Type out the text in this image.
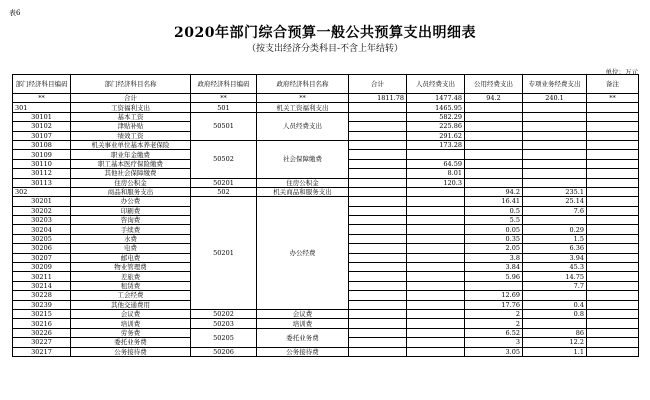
表6
2020年部门综合预算一般公共预算支出明细表
（按支出经济分类科目-不含上年结转）
单位：万元
部门经济科目编码	部门经济科目名称	政府经济科目编码	政府经济科目名称	合计	人员经费支出	公用经费支出	专项业务经费支出	备注
**	合计	**	**	1811.78	1477.48	94.2	240.1	**
301	工资福利支出	501	机关工资福利支出		1465.95			
30101	基本工资	50501	人员经费支出		582.29			
30102	津贴补贴				225.86			
30107	绩效工资				291.62			
30108	机关事业单位基本养老保险	50502	社会保障缴费		173.28			
30109	职业年金缴费							
30110	职工基本医疗保险缴费				64.59			
30112	其他社会保障缴费				8.01			
30113	住房公积金	50201	住房公积金		120.3			
302	商品和服务支出	502	机关商品和服务支出			94.2	235.1	
30201	办公费	50201	办公经费			16.41	25.14	
30202	印刷费					0.5	7.6	
30203	咨询费					5.5		
30204	手续费					0.05	0.29	
30205	水费					0.35	1.5	
30206	电费					2.05	6.36	
30207	邮电费					3.8	3.94	
30209	物业管理费					3.84	45.3	
30211	差旅费					5.96	14.75	
30214	租赁费						7.7	
30228	工会经费					12.69		
30239	其他交通费用					17.76	0.4	
30215	会议费	50202	会议费			2	0.8	
30216	培训费	50203	培训费			2		
30226	劳务费	50205	委托业务费			6.52	86	
30227	委托业务费					3	12.2	
30217	公务接待费	50206	公务接待费			3.05	1.1	
